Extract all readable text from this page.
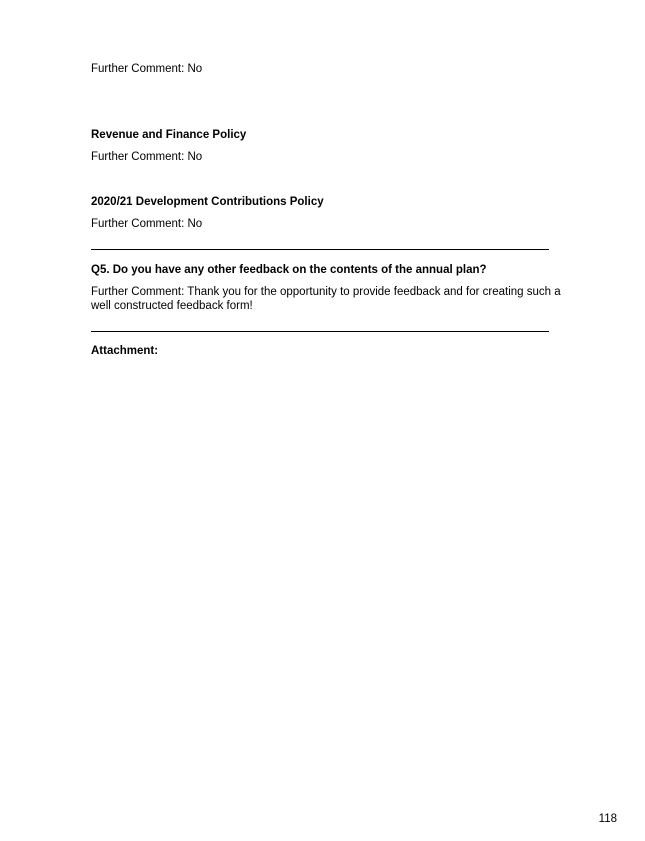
Further Comment: No
Revenue and Finance Policy
Further Comment: No
2020/21 Development Contributions Policy
Further Comment: No
Q5. Do you have any other feedback on the contents of the annual plan?
Further Comment: Thank you for the opportunity to provide feedback and for creating such a
well constructed feedback form!
Attachment:
118
